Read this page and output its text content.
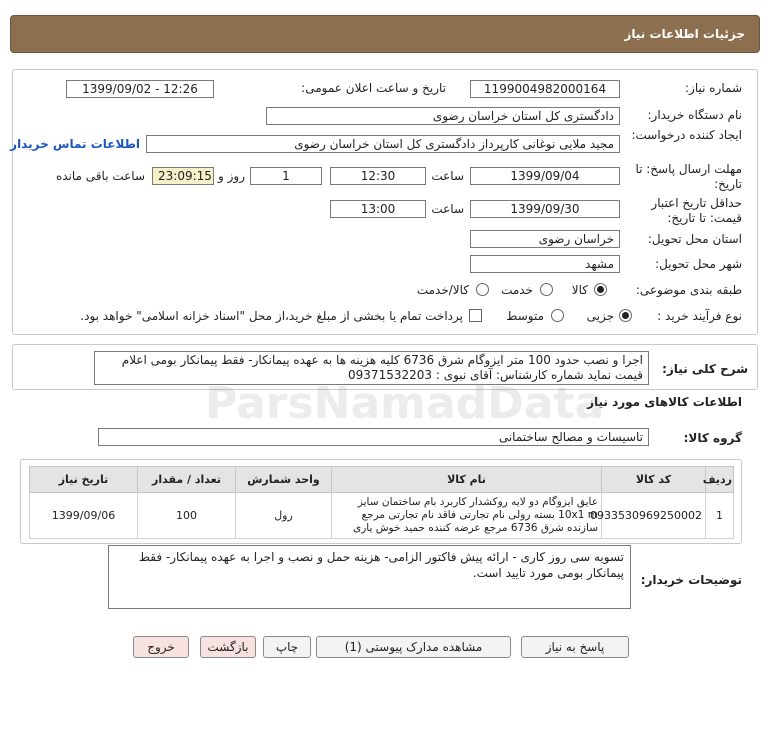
جزئیات اطلاعات نیاز
شماره نیاز:
1199004982000164
تاریخ و ساعت اعلان عمومی:
1399/09/02 - 12:26
نام دستگاه خریدار:
دادگستری کل استان خراسان رضوی
ایجاد کننده درخواست:
مجید ملایی نوغانی کارپرداز دادگستری کل استان خراسان رضوی
اطلاعات تماس خریدار
مهلت ارسال پاسخ: تا تاریخ:
1399/09/04
ساعت
12:30
1
روز و
23:09:15
ساعت باقی مانده
حداقل تاریخ اعتبار قیمت: تا تاریخ:
1399/09/30
ساعت
13:00
استان محل تحویل:
خراسان رضوی
شهر محل تحویل:
مشهد
طبقه بندی موضوعی:
کالا
خدمت
کالا/خدمت
نوع فرآیند خرید :
جزیی
متوسط
پرداخت تمام یا بخشی از مبلغ خرید،از محل "اسناد خزانه اسلامی" خواهد بود.
شرح کلی نیاز:
اجرا و نصب حدود 100 متر ایزوگام شرق 6736 کلیه هزینه ها به عهده پیمانکار- فقط پیمانکار بومی اعلام قیمت نماید شماره کارشناس: آقای نبوی : 09371532203
اطلاعات کالاهای مورد نیاز
گروه کالا:
تاسیسات و مصالح ساختمانی
ردیف	کد کالا	نام کالا	واحد شمارش	تعداد / مقدار	تاریخ نیاز
1	0933530969250002	عایق ایزوگام دو لایه روکشدار کاربرد بام ساختمان سایز 10x1 m بسته رولی نام تجارتی فاقد نام تجارتی مرجع سازنده شرق 6736 مرجع عرضه کننده حمید خوش یاری	رول	100	1399/09/06
توضیحات خریدار:
تسویه سی روز کاری - ارائه پیش فاکتور الزامی- هزینه حمل و نصب و اجرا به عهده پیمانکار- فقط پیمانکار بومی مورد تایید است.
پاسخ به نیاز
مشاهده مدارک پیوستی (1)
چاپ
بازگشت
خروج
ParsNamadData
